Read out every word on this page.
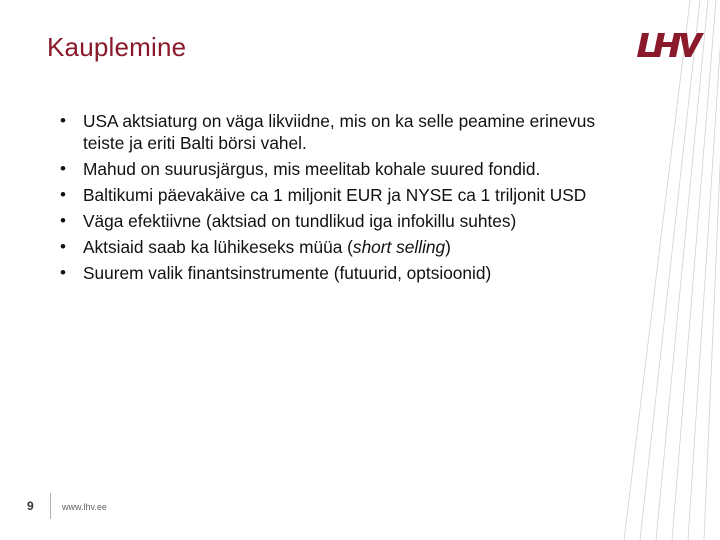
Kauplemine
• USA aktsiaturg on väga likviidne, mis on ka selle peamine erinevus teiste ja eriti Balti börsi vahel.
• Mahud on suurusjärgus, mis meelitab kohale suured fondid.
• Baltikumi päevakäive ca 1 miljonit EUR ja NYSE ca 1 triljonit USD
• Väga efektiivne (aktsiad on tundlikud iga infokillu suhtes)
• Aktsiaid saab ka lühikeseks müüa (short selling)
• Suurem valik finantsinstrumente (futuurid, optsioonid)
9	www.lhv.ee
